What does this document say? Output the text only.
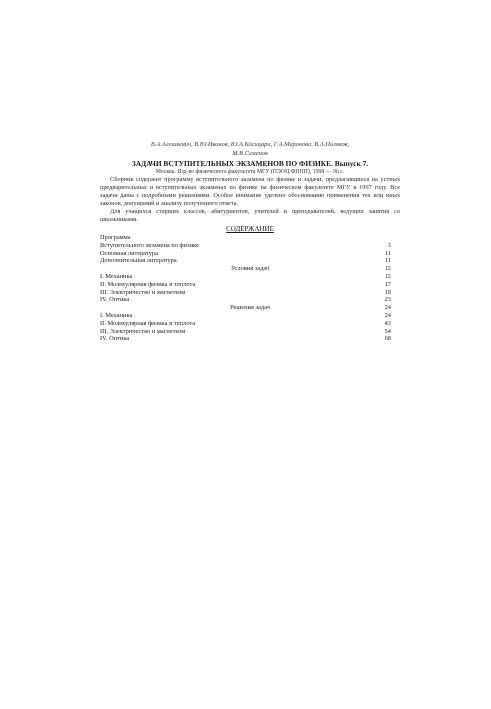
В.А.Алешкевич, В.Ю.Иванов, Ю.А.Косицара, Г.А.Миронова, В.А.Поляков,
М.В.Семенов
ЗАДАЧИ ВСТУПИТЕЛЬНЫХ ЭКЗАМЕНОВ ПО ФИЗИКЕ. Выпуск 7.
Москва. Изд-во физического факультета МГУ (ПЭОЦ ФНПП), 1998 — 96 с.

Сборник содержит программу вступительного экзамена по физике и задачи, предлагавшиеся на устных предварительных и вступительных экзаменах по физике на физическом факультете МГУ в 1997 году. Все задачи даны с подробными решениями. Особое внимание уделено обоснованию применения тех или иных законов, допущений и анализу полученного ответа.

Для учащихся старших классов, абитуриентов, учителей и преподавателей, ведущих занятия со школьниками.

СОДЕРЖАНИЕ
Программа
Вступительного экзамена по физике	3
Основная литература	11
Дополнительная литература	11
Условия задач	12
I. Механика	12
II. Молекулярная физика и теплота	17
III. Электричество и магнетизм	19
IV. Оптика	23
Решения задач	24
I. Механика	24
II. Молекулярная физика и теплота	43
III. Электричество и магнетизм	54
IV. Оптика	68
